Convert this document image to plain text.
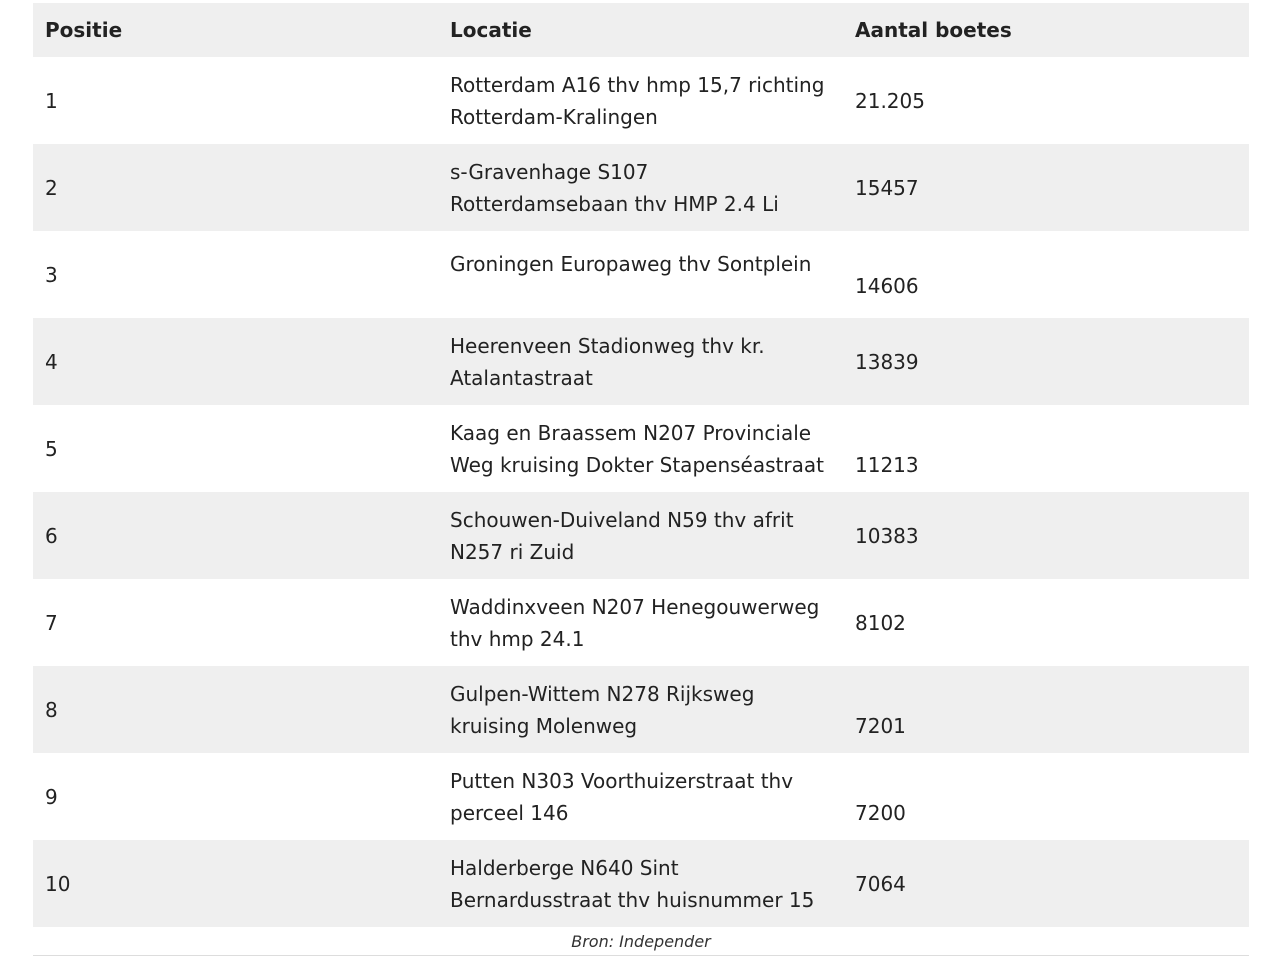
Positie	Locatie	Aantal boetes
1	Rotterdam A16 thv hmp 15,7 richting Rotterdam-Kralingen	21.205
2	s-Gravenhage S107 Rotterdamsebaan thv HMP 2.4 Li	15457
3	Groningen Europaweg thv Sontplein	14606

4	Heerenveen Stadionweg thv kr. Atalantastraat	13839
5	Kaag en Braassem N207 Provinciale Weg kruising Dokter Stapenséastraat	11213

6	Schouwen-Duiveland N59 thv afrit N257 ri Zuid	10383
7	Waddinxveen N207 Henegouwerweg thv hmp 24.1	8102
8	Gulpen-Wittem N278 Rijksweg kruising Molenweg	7201

9	Putten N303 Voorthuizerstraat thv perceel 146	7200

10	Halderberge N640 Sint Bernardusstraat thv huisnummer 15	7064
Bron: Independer
